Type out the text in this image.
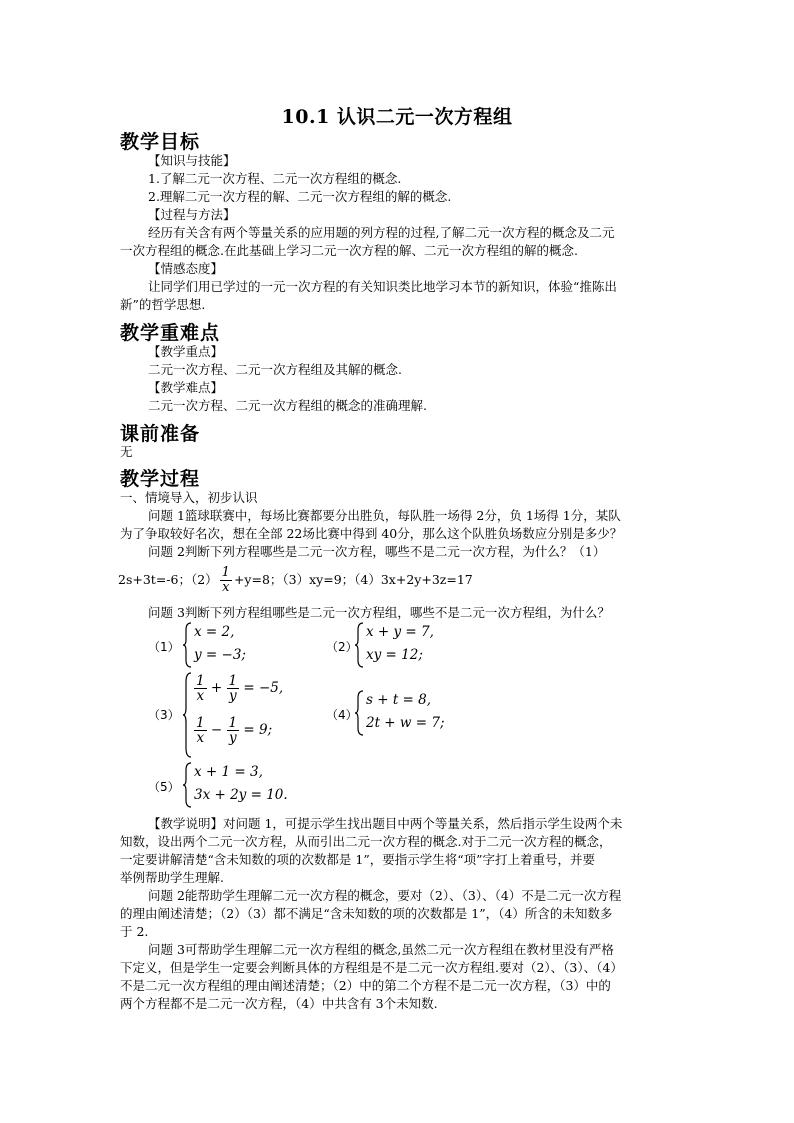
10.1 认识二元一次方程组
教学目标
【知识与技能】
1.了解二元一次方程、二元一次方程组的概念.
2.理解二元一次方程的解、二元一次方程组的解的概念.
【过程与方法】
经历有关含有两个等量关系的应用题的列方程的过程,了解二元一次方程的概念及二元
一次方程组的概念.在此基础上学习二元一次方程的解、二元一次方程组的解的概念.
【情感态度】
让同学们用已学过的一元一次方程的有关知识类比地学习本节的新知识，体验“推陈出
新”的哲学思想.
教学重难点
【教学重点】
二元一次方程、二元一次方程组及其解的概念.
【教学难点】
二元一次方程、二元一次方程组的概念的准确理解.
课前准备
无
教学过程
一、情境导入，初步认识
问题 1篮球联赛中，每场比赛都要分出胜负，每队胜一场得 2分，负 1场得 1分，某队
为了争取较好名次，想在全部 22场比赛中得到 40分，那么这个队胜负场数应分别是多少？
问题 2判断下列方程哪些是二元一次方程，哪些不是二元一次方程，为什么？（1）
2s+3t=-6；$(2) \frac{1}{x} +y=8$；（3）xy=9；（4）3x+2y+3z=17
问题 3判断下列方程组哪些是二元一次方程组，哪些不是二元一次方程组，为什么？
（1）
x = 2,
y = −3;	（2）
x + y = 7,
xy = 12;
（3）
$\frac{1}{x} + \frac{1}{y} = -5$,
$\frac{1}{x} - \frac{1}{y} = 9$;
（4）
s + t = 8,
2t + w = 7;
（5）
x + 1 = 3,
3x + 2y = 10.
【教学说明】对问题 1，可提示学生找出题目中两个等量关系，然后指示学生设两个未
知数，设出两个二元一次方程，从而引出二元一次方程的概念.对于二元一次方程的概念，
一定要讲解清楚“含未知数的项的次数都是 1”，要指示学生将“项”字打上着重号，并要
举例帮助学生理解.
问题 2能帮助学生理解二元一次方程的概念，要对（2）、（3）、（4）不是二元一次方程
的理由阐述清楚；（2）（3）都不满足“含未知数的项的次数都是 1”，（4）所含的未知数多
于 2.
问题 3可帮助学生理解二元一次方程组的概念,虽然二元一次方程组在教材里没有严格
下定义，但是学生一定要会判断具体的方程组是不是二元一次方程组.要对（2）、（3）、（4）
不是二元一次方程组的理由阐述清楚；（2）中的第二个方程不是二元一次方程，（3）中的
两个方程都不是二元一次方程，（4）中共含有 3个未知数.
